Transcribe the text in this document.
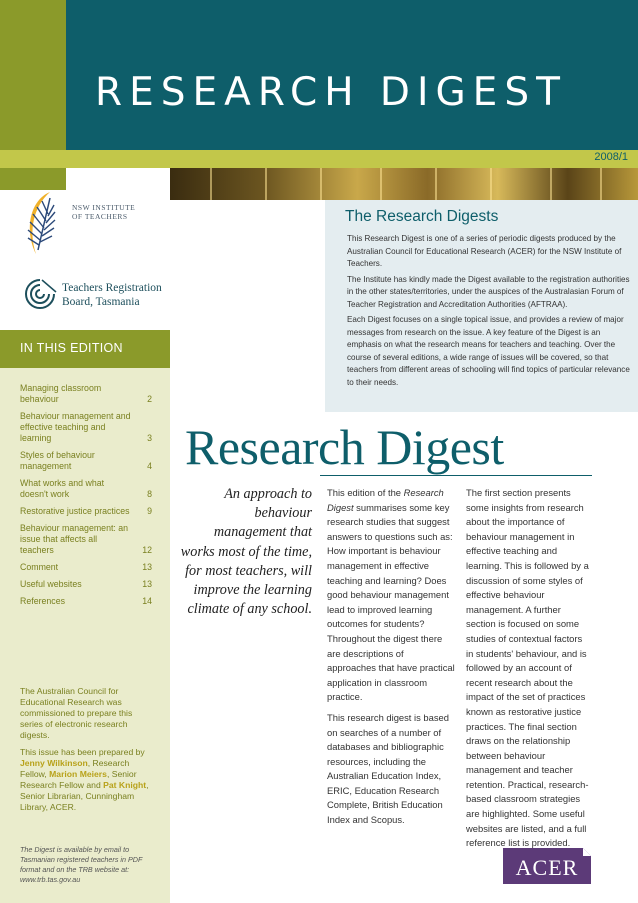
RESEARCH DIGEST
2008/1
NSW INSTITUTE
OF TEACHERS
Teachers Registration
Board, Tasmania
IN THIS EDITION
Managing classroom behaviour	2
Behaviour management and effective teaching and learning	3
Styles of behaviour management	4
What works and what doesn't work	8
Restorative justice practices 9
Behaviour management: an issue that affects all teachers	12
Comment	13
Useful websites	13
References	14

The Australian Council for Educational Research was commissioned to prepare this series of electronic research digests.

This issue has been prepared by Jenny Wilkinson, Research Fellow, Marion Meiers, Senior Research Fellow and Pat Knight, Senior Librarian, Cunningham Library, ACER.

The Digest is available by email to Tasmanian registered teachers in PDF format and on the TRB website at: www.trb.tas.gov.au
The Research Digests

This Research Digest is one of a series of periodic digests produced by the Australian Council for Educational Research (ACER) for the NSW Institute of Teachers.

The Institute has kindly made the Digest available to the registration authorities in the other states/territories, under the auspices of the Australasian Forum of Teacher Registration and Accreditation Authorities (AFTRAA).

Each Digest focuses on a single topical issue, and provides a review of major messages from research on the issue. A key feature of the Digest is an emphasis on what the research means for teachers and teaching. Over the course of several editions, a wide range of issues will be covered, so that teachers from different areas of schooling will find topics of particular relevance to their needs.

Research Digest
An approach to behaviour management that works most of the time, for most teachers, will improve the learning climate of any school.

This edition of the Research Digest summarises some key research studies that suggest answers to questions such as: How important is behaviour management in effective teaching and learning? Does good behaviour management lead to improved learning outcomes for students? Throughout the digest there are descriptions of approaches that have practical application in classroom practice.

This research digest is based on searches of a number of databases and bibliographic resources, including the Australian Education Index, ERIC, Education Research Complete, British Education Index and Scopus.

The first section presents some insights from research about the importance of behaviour management in effective teaching and learning. This is followed by a discussion of some styles of effective behaviour management. A further section is focused on some studies of contextual factors in students' behaviour, and is followed by an account of recent research about the impact of the set of practices known as restorative justice practices. The final section draws on the relationship between behaviour management and teacher retention. Practical, research-based classroom strategies are highlighted. Some useful websites are listed, and a full reference list is provided.

ACER
